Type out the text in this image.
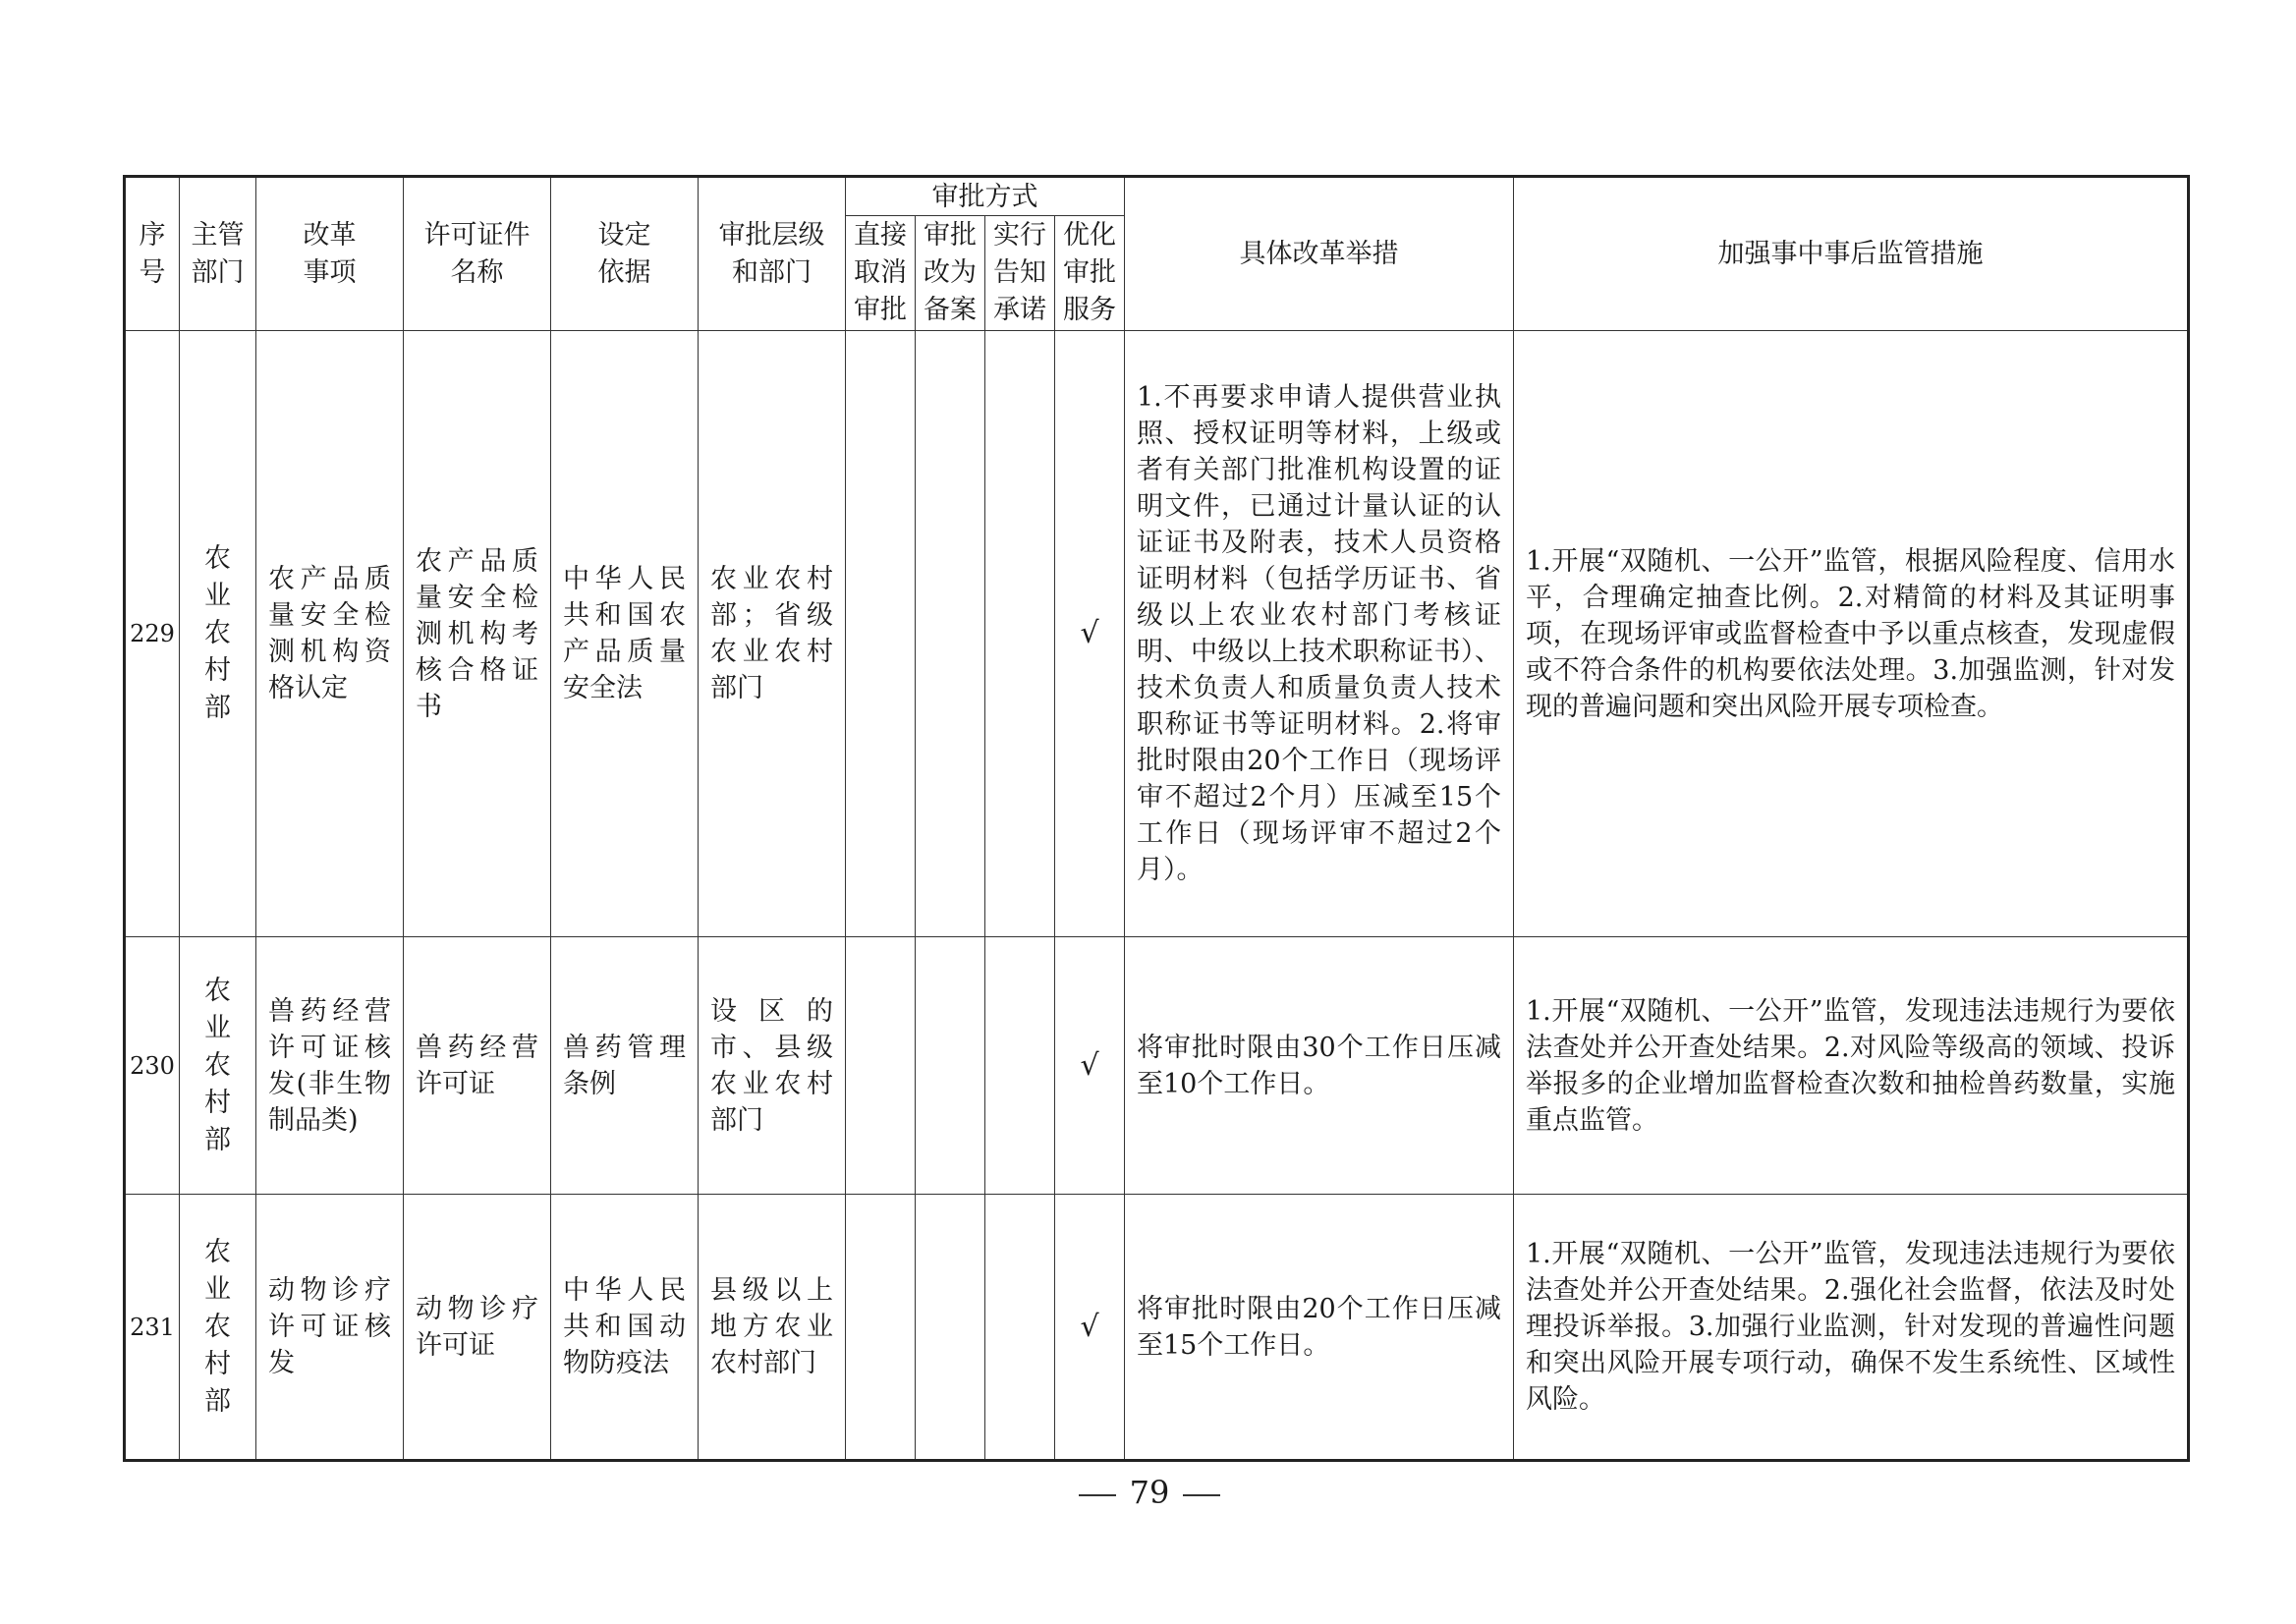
序号	主管部门	改革事项	许可证件名称	设定依据	审批层级和部门	审批方式				具体改革举措	加强事中事后监管措施

						直接取消审批	审批改为备案	实行告知承诺	优化审批服务		

229	农业农村部	农产品质量安全检测机构资格认定	农产品质量安全检测机构考核合格证书	中华人民共和国农产品质量安全法	农业农村部；省级农业农村部门				√	1.不再要求申请人提供营业执照、授权证明等材料，上级或者有关部门批准机构设置的证明文件，已通过计量认证的认证证书及附表，技术人员资格证明材料（包括学历证书、省级以上农业农村部门考核证明、中级以上技术职称证书）、技术负责人和质量负责人技术职称证书等证明材料。2.将审批时限由20个工作日（现场评审不超过2个月）压减至15个工作日（现场评审不超过2个月）。	1.开展“双随机、一公开”监管，根据风险程度、信用水平，合理确定抽查比例。2.对精简的材料及其证明事项，在现场评审或监督检查中予以重点核查，发现虚假或不符合条件的机构要依法处理。3.加强监测，针对发现的普遍问题和突出风险开展专项检查。

230	农业农村部	兽药经营许可证核发(非生物制品类)	兽药经营许可证	兽药管理条例	设区的市、县级农业农村部门				√	将审批时限由30个工作日压减至10个工作日。	1.开展“双随机、一公开”监管，发现违法违规行为要依法查处并公开查处结果。2.对风险等级高的领域、投诉举报多的企业增加监督检查次数和抽检兽药数量，实施重点监管。

231	农业农村部	动物诊疗许可证核发	动物诊疗许可证	中华人民共和国动物防疫法	县级以上地方农业农村部门				√	将审批时限由20个工作日压减至15个工作日。	1.开展“双随机、一公开”监管，发现违法违规行为要依法查处并公开查处结果。2.强化社会监督，依法及时处理投诉举报。3.加强行业监测，针对发现的普遍性问题和突出风险开展专项行动，确保不发生系统性、区域性风险。
79
